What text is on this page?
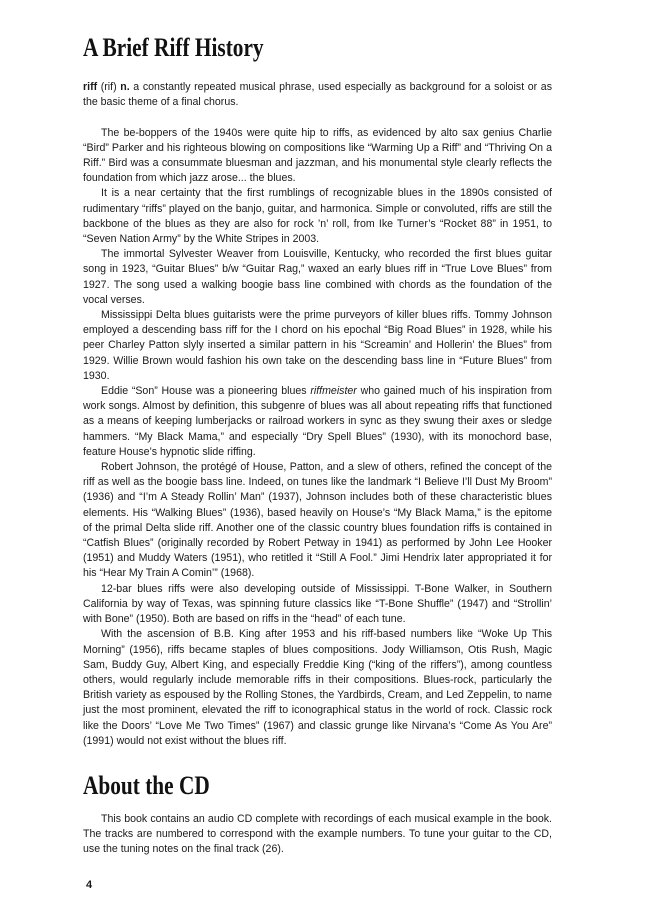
A Brief Riff History

riff (rif) n. a constantly repeated musical phrase, used especially as background for a soloist or as the basic theme of a final chorus.

The be-boppers of the 1940s were quite hip to riffs, as evidenced by alto sax genius Charlie “Bird” Parker and his righteous blowing on compositions like “Warming Up a Riff” and “Thriving On a Riff.” Bird was a consummate bluesman and jazzman, and his monumental style clearly reflects the foundation from which jazz arose... the blues.

It is a near certainty that the first rumblings of recognizable blues in the 1890s consisted of rudimentary “riffs” played on the banjo, guitar, and harmonica. Simple or convoluted, riffs are still the backbone of the blues as they are also for rock ’n’ roll, from Ike Turner’s “Rocket 88” in 1951, to “Seven Nation Army” by the White Stripes in 2003.

The immortal Sylvester Weaver from Louisville, Kentucky, who recorded the first blues guitar song in 1923, “Guitar Blues” b/w “Guitar Rag,” waxed an early blues riff in “True Love Blues” from 1927. The song used a walking boogie bass line combined with chords as the foundation of the vocal verses.

Mississippi Delta blues guitarists were the prime purveyors of killer blues riffs. Tommy Johnson employed a descending bass riff for the I chord on his epochal “Big Road Blues” in 1928, while his peer Charley Patton slyly inserted a similar pattern in his “Screamin’ and Hollerin’ the Blues” from 1929. Willie Brown would fashion his own take on the descending bass line in “Future Blues” from 1930.

Eddie “Son” House was a pioneering blues riffmeister who gained much of his inspiration from work songs. Almost by definition, this subgenre of blues was all about repeating riffs that functioned as a means of keeping lumberjacks or railroad workers in sync as they swung their axes or sledge hammers. “My Black Mama,” and especially “Dry Spell Blues” (1930), with its monochord base, feature House’s hypnotic slide riffing.

Robert Johnson, the protégé of House, Patton, and a slew of others, refined the concept of the riff as well as the boogie bass line. Indeed, on tunes like the landmark “I Believe I’ll Dust My Broom” (1936) and “I’m A Steady Rollin’ Man” (1937), Johnson includes both of these characteristic blues elements. His “Walking Blues” (1936), based heavily on House’s “My Black Mama,” is the epitome of the primal Delta slide riff. Another one of the classic country blues foundation riffs is contained in “Catfish Blues” (originally recorded by Robert Petway in 1941) as performed by John Lee Hooker (1951) and Muddy Waters (1951), who retitled it “Still A Fool.” Jimi Hendrix later appropriated it for his “Hear My Train A Comin’” (1968).

12-bar blues riffs were also developing outside of Mississippi. T-Bone Walker, in Southern California by way of Texas, was spinning future classics like “T-Bone Shuffle” (1947) and “Strollin’ with Bone” (1950). Both are based on riffs in the “head” of each tune.

With the ascension of B.B. King after 1953 and his riff-based numbers like “Woke Up This Morning” (1956), riffs became staples of blues compositions. Jody Williamson, Otis Rush, Magic Sam, Buddy Guy, Albert King, and especially Freddie King (“king of the riffers”), among countless others, would regularly include memorable riffs in their compositions. Blues-rock, particularly the British variety as espoused by the Rolling Stones, the Yardbirds, Cream, and Led Zeppelin, to name just the most prominent, elevated the riff to iconographical status in the world of rock. Classic rock like the Doors’ “Love Me Two Times” (1967) and classic grunge like Nirvana’s “Come As You Are” (1991) would not exist without the blues riff.

About the CD

This book contains an audio CD complete with recordings of each musical example in the book. The tracks are numbered to correspond with the example numbers. To tune your guitar to the CD, use the tuning notes on the final track (26).

4
